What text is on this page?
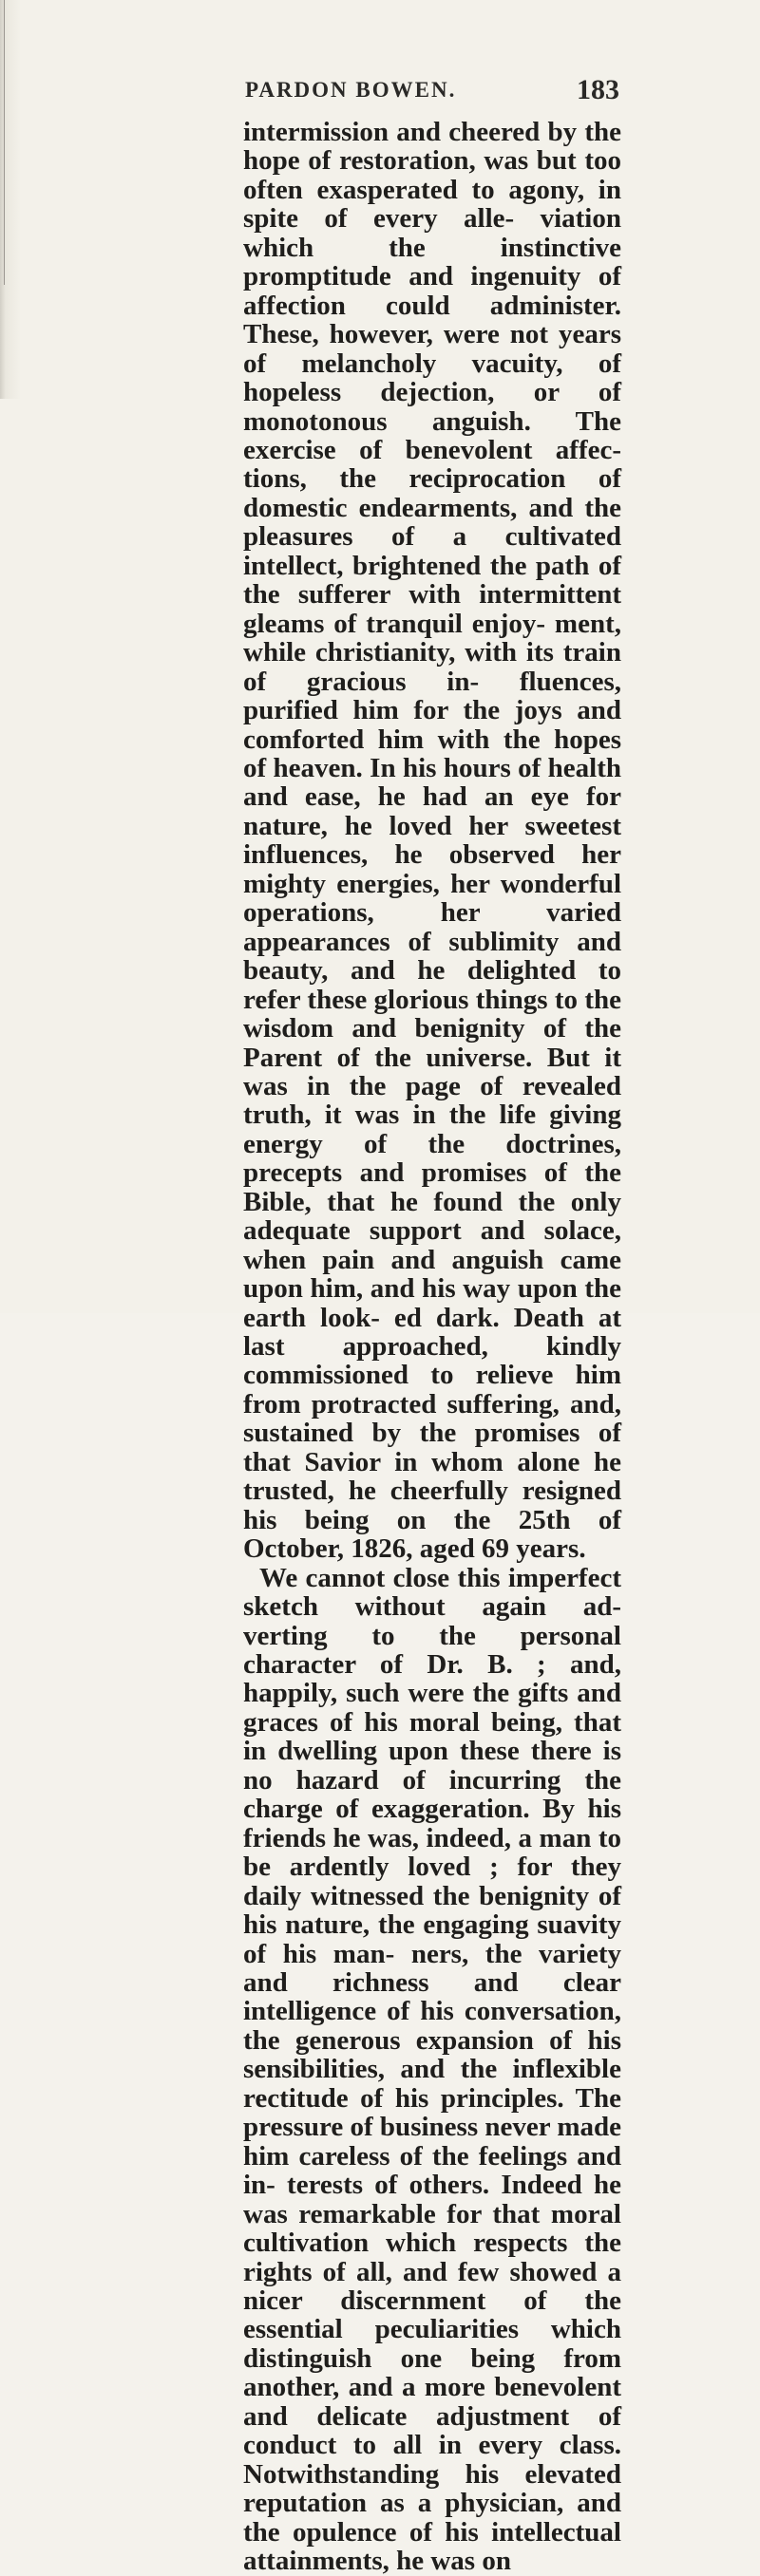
PARDON BOWEN.	183

intermission and cheered by the hope of restoration, was but too often exasperated to agony, in spite of every alle- viation which the instinctive promptitude and ingenuity of affection could administer. These, however, were not years of melancholy vacuity, of hopeless dejection, or of monotonous anguish. The exercise of benevolent affec- tions, the reciprocation of domestic endearments, and the pleasures of a cultivated intellect, brightened the path of the sufferer with intermittent gleams of tranquil enjoy- ment, while christianity, with its train of gracious in- fluences, purified him for the joys and comforted him with the hopes of heaven. In his hours of health and ease, he had an eye for nature, he loved her sweetest influences, he observed her mighty energies, her wonderful operations, her varied appearances of sublimity and beauty, and he delighted to refer these glorious things to the wisdom and benignity of the Parent of the universe. But it was in the page of revealed truth, it was in the life giving energy of the doctrines, precepts and promises of the Bible, that he found the only adequate support and solace, when pain and anguish came upon him, and his way upon the earth look- ed dark. Death at last approached, kindly commissioned to relieve him from protracted suffering, and, sustained by the promises of that Savior in whom alone he trusted, he cheerfully resigned his being on the 25th of October, 1826, aged 69 years.

We cannot close this imperfect sketch without again ad- verting to the personal character of Dr. B. ; and, happily, such were the gifts and graces of his moral being, that in dwelling upon these there is no hazard of incurring the charge of exaggeration. By his friends he was, indeed, a man to be ardently loved ; for they daily witnessed the benignity of his nature, the engaging suavity of his man- ners, the variety and richness and clear intelligence of his conversation, the generous expansion of his sensibilities, and the inflexible rectitude of his principles. The pressure of business never made him careless of the feelings and in- terests of others. Indeed he was remarkable for that moral cultivation which respects the rights of all, and few showed a nicer discernment of the essential peculiarities which distinguish one being from another, and a more benevolent and delicate adjustment of conduct to all in every class. Notwithstanding his elevated reputation as a physician, and the opulence of his intellectual attainments, he was on
